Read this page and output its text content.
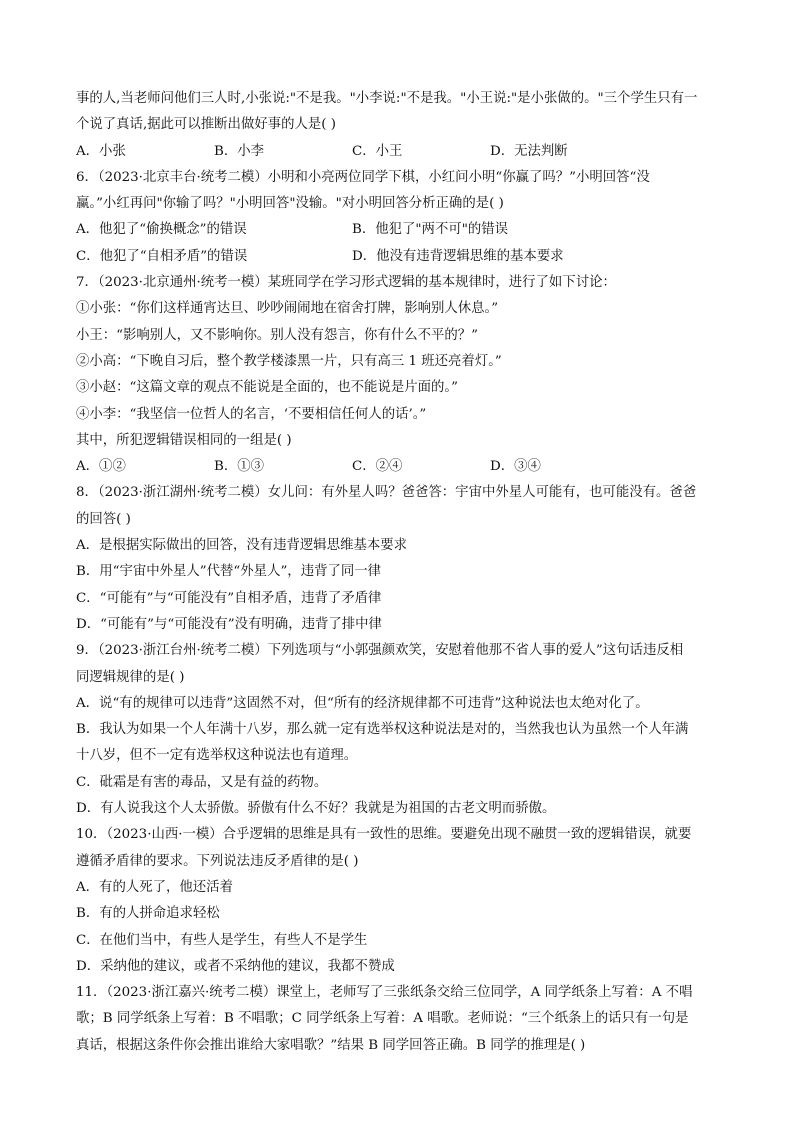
事的人,当老师问他们三人时,小张说:"不是我。"小李说:"不是我。"小王说:"是小张做的。"三个学生只有一
个说了真话,据此可以推断出做好事的人是( )
A．小张	B．小李	C．小王	D．无法判断
6．（2023·北京丰台·统考二模）小明和小亮两位同学下棋，小红问小明“你赢了吗？”小明回答“没
赢。”小红再问"你输了吗？"小明回答"没输。"对小明回答分析正确的是( )
A．他犯了“偷换概念”的错误	B．他犯了"两不可"的错误
C．他犯了“自相矛盾”的错误	D．他没有违背逻辑思维的基本要求
7．（2023·北京通州·统考一模）某班同学在学习形式逻辑的基本规律时，进行了如下讨论：
①小张：“你们这样通宵达旦、吵吵闹闹地在宿舍打牌，影响别人休息。”
小王：“影响别人，又不影响你。别人没有怨言，你有什么不平的？”
②小高：“下晚自习后，整个教学楼漆黑一片，只有高三 1 班还亮着灯。”
③小赵：“这篇文章的观点不能说是全面的，也不能说是片面的。”
④小李：“我坚信一位哲人的名言，‘不要相信任何人的话’。”
其中，所犯逻辑错误相同的一组是( )
A．①②	B．①③	C．②④	D．③④
8．（2023·浙江湖州·统考二模）女儿问：有外星人吗？爸爸答：宇宙中外星人可能有，也可能没有。爸爸
的回答( )
A．是根据实际做出的回答，没有违背逻辑思维基本要求
B．用“宇宙中外星人”代替“外星人”，违背了同一律
C．“可能有”与“可能没有”自相矛盾，违背了矛盾律
D．“可能有”与“可能没有”没有明确，违背了排中律
9．（2023·浙江台州·统考二模）下列选项与“小郭强颜欢笑，安慰着他那不省人事的爱人”这句话违反相
同逻辑规律的是( )
A．说“有的规律可以违背”这固然不对，但“所有的经济规律都不可违背”这种说法也太绝对化了。
B．我认为如果一个人年满十八岁，那么就一定有选举权这种说法是对的，当然我也认为虽然一个人年满
十八岁，但不一定有选举权这种说法也有道理。
C．砒霜是有害的毒品，又是有益的药物。
D．有人说我这个人太骄傲。骄傲有什么不好？我就是为祖国的古老文明而骄傲。
10．（2023·山西·一模）合乎逻辑的思维是具有一致性的思维。要避免出现不融贯一致的逻辑错误，就要
遵循矛盾律的要求。下列说法违反矛盾律的是( )
A．有的人死了，他还活着
B．有的人拼命追求轻松
C．在他们当中，有些人是学生，有些人不是学生
D．采纳他的建议，或者不采纳他的建议，我都不赞成
11．（2023·浙江嘉兴·统考二模）课堂上，老师写了三张纸条交给三位同学，A 同学纸条上写着：A 不唱
歌；B 同学纸条上写着：B 不唱歌；C 同学纸条上写着：A 唱歌。老师说：“三个纸条上的话只有一句是
真话，根据这条件你会推出谁给大家唱歌？”结果 B 同学回答正确。B 同学的推理是( )
